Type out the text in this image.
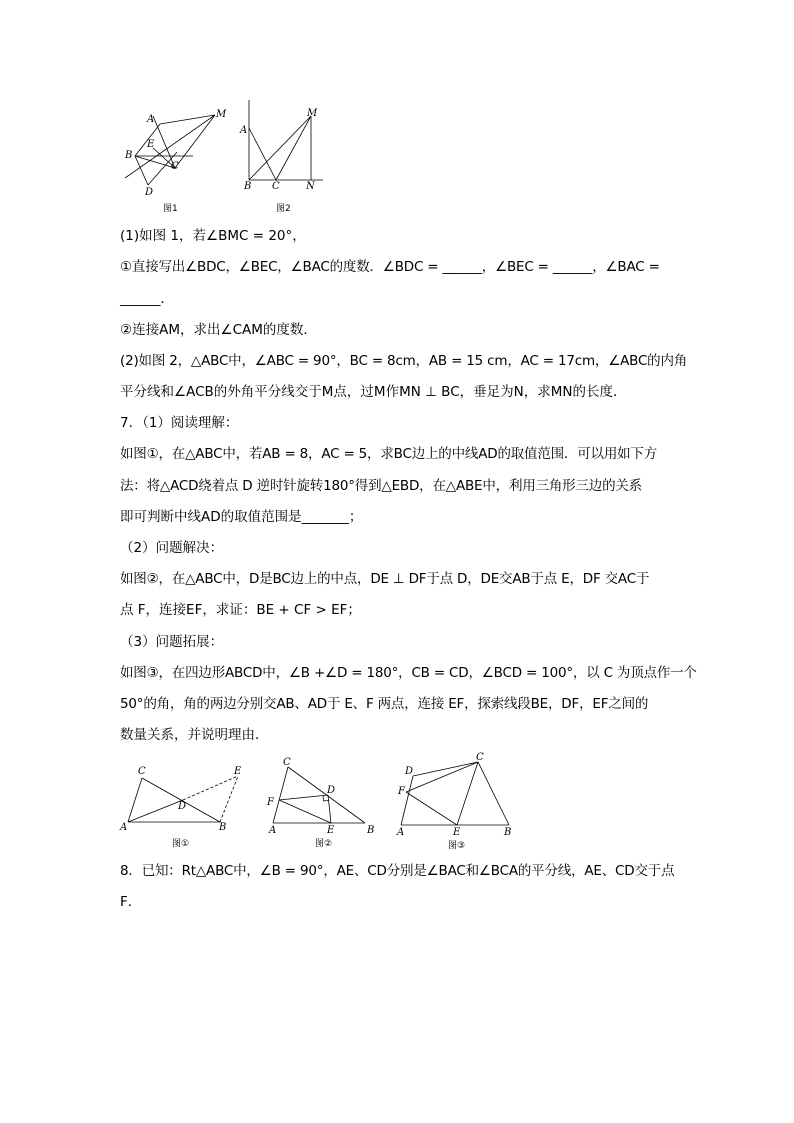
A	M
E
B
C
D
图1
A
M
B C	N
图2
(1)如图 1，若∠BMC = 20°，
①直接写出∠BDC，∠BEC，∠BAC的度数．∠BDC = ______，∠BEC = ______，∠BAC =
______．
②连接AM，求出∠CAM的度数．
(2)如图 2，△ABC中，∠ABC = 90°，BC = 8cm，AB = 15 cm，AC = 17cm，∠ABC的内角
平分线和∠ACB的外角平分线交于M点，过M作MN ⊥ BC，垂足为N，求MN的长度．
7．（1）阅读理解：
如图①，在△ABC中，若AB = 8，AC = 5，求BC边上的中线AD的取值范围．可以用如下方
法：将△ACD绕着点 D 逆时针旋转180°得到△EBD，在△ABE中，利用三角形三边的关系
即可判断中线AD的取值范围是_______；
（2）问题解决：
如图②，在△ABC中，D是BC边上的中点，DE ⊥ DF于点 D，DE交AB于点 E，DF 交AC于
点 F，连接EF，求证：BE + CF > EF；
（3）问题拓展：
如图③，在四边形ABCD中，∠B +∠D = 180°，CB = CD，∠BCD = 100°，以 C 为顶点作一个
50°的角，角的两边分别交AB、AD于 E、F 两点，连接 EF，探索线段BE，DF，EF之间的
数量关系，并说明理由．
C	E
D
A	B
图①
C
D
F
A	E	B
图②
D
C
F
A	E	B
图③
8．已知：Rt△ABC中，∠B = 90°，AE、CD分别是∠BAC和∠BCA的平分线，AE、CD交于点
F．
